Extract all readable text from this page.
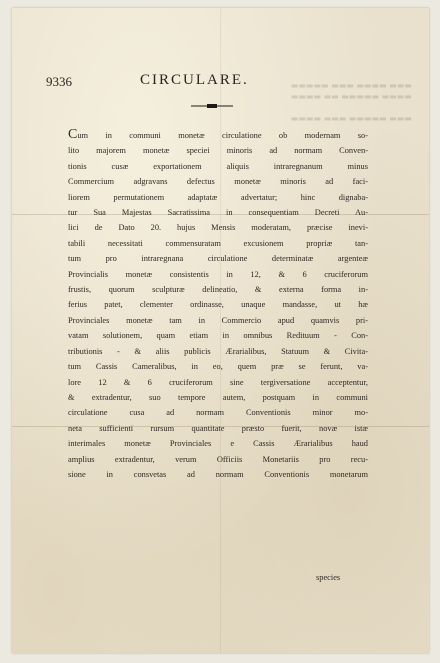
▬▬▬ ▬▬▬▬ ▬▬▬ ▬▬▬▬▬
▬▬▬▬ ▬▬▬▬▬ ▬▬ ▬▬▬▬

▬▬▬ ▬▬▬▬▬ ▬▬▬ ▬▬▬▬
9336	CIRCULARE.
Cum in communi monetæ circulatione ob modernam so-
lito majorem monetæ speciei minoris ad normam Conven-
tionis cusæ exportationem aliquis intraregnanum minus
Commercium adgravans defectus monetæ minoris ad faci-
liorem permutationem adaptatæ advertatur; hinc dignaba-
tur Sua Majestas Sacratissima in consequentiam Decreti Au-
lici de Dato 20. hujus Mensis moderatam, præcise inevi-
tabili necessitati commensuratam excusionem propriæ tan-
tum pro intraregnana circulatione determinatæ argenteæ
Provincialis monetæ consistentis in 12, & 6 cruciferorum
frustis, quorum sculpturæ delineatio, & externa forma in-
ferius patet, clementer ordinasse, unaque mandasse, ut hæ
Provinciales monetæ tam in Commercio apud quamvis pri-
vatam solutionem, quam etiam in omnibus Redituum - Con-
tributionis - & aliis publicis Ærarialibus, Statuum & Civita-
tum Cassis Cameralibus, in eo, quem præ se ferunt, va-
lore 12 & 6 cruciferorum sine tergiversatione acceptentur,
& extradentur, suo tempore autem, postquam in communi
circulatione cusa ad normam Conventionis minor mo-
neta sufficienti rursum quantitate præsto fuerit, novæ istæ
interimales monetæ Provinciales e Cassis Ærarialibus haud
amplius extradentur, verum Officiis Monetariis pro recu-
sione in consvetas ad normam Conventionis monetarum
species
